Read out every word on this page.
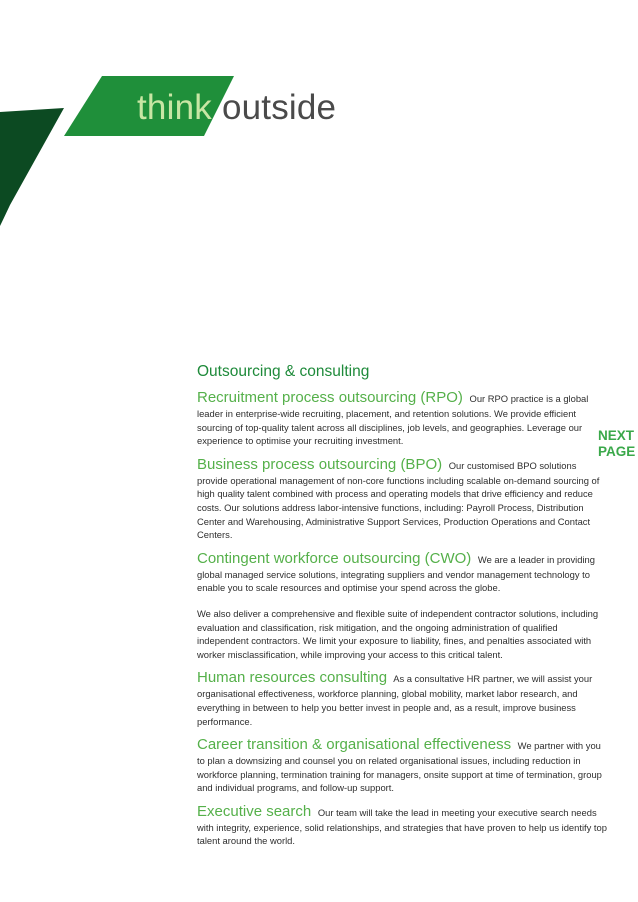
think outside
NEXT PAGE
Outsourcing & consulting

Recruitment process outsourcing (RPO) Our RPO practice is a global leader in enterprise-wide recruiting, placement, and retention solutions. We provide efficient sourcing of top-quality talent across all disciplines, job levels, and geographies. Leverage our experience to optimise your recruiting investment.

Business process outsourcing (BPO) Our customised BPO solutions provide operational management of non-core functions including scalable on-demand sourcing of high quality talent combined with process and operating models that drive efficiency and reduce costs. Our solutions address labor-intensive functions, including: Payroll Process, Distribution Center and Warehousing, Administrative Support Services, Production Operations and Contact Centers.

Contingent workforce outsourcing (CWO) We are a leader in providing global managed service solutions, integrating suppliers and vendor management technology to enable you to scale resources and optimise your spend across the globe.

We also deliver a comprehensive and flexible suite of independent contractor solutions, including evaluation and classification, risk mitigation, and the ongoing administration of qualified independent contractors. We limit your exposure to liability, fines, and penalties associated with worker misclassification, while improving your access to this critical talent.

Human resources consulting As a consultative HR partner, we will assist your organisational effectiveness, workforce planning, global mobility, market labor research, and everything in between to help you better invest in people and, as a result, improve business performance.

Career transition & organisational effectiveness We partner with you to plan a downsizing and counsel you on related organisational issues, including reduction in workforce planning, termination training for managers, onsite support at time of termination, group and individual programs, and follow-up support.

Executive search Our team will take the lead in meeting your executive search needs with integrity, experience, solid relationships, and strategies that have proven to help us identify top talent around the world.
